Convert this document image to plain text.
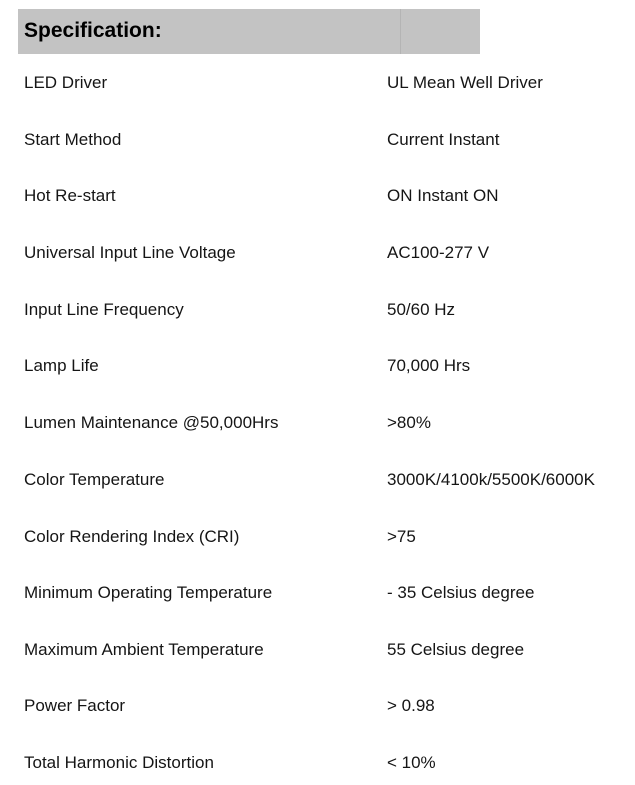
Specification:
LED Driver	UL Mean Well Driver
Start Method	Current Instant
Hot Re-start	ON Instant ON
Universal Input Line Voltage	AC100-277 V
Input Line Frequency	50/60 Hz
Lamp Life	70,000 Hrs
Lumen Maintenance @50,000Hrs	>80%
Color Temperature	3000K/4100k/5500K/6000K
Color Rendering Index (CRI)	>75
Minimum Operating Temperature	- 35 Celsius degree
Maximum Ambient Temperature	55 Celsius degree
Power Factor	> 0.98
Total Harmonic Distortion	< 10%
